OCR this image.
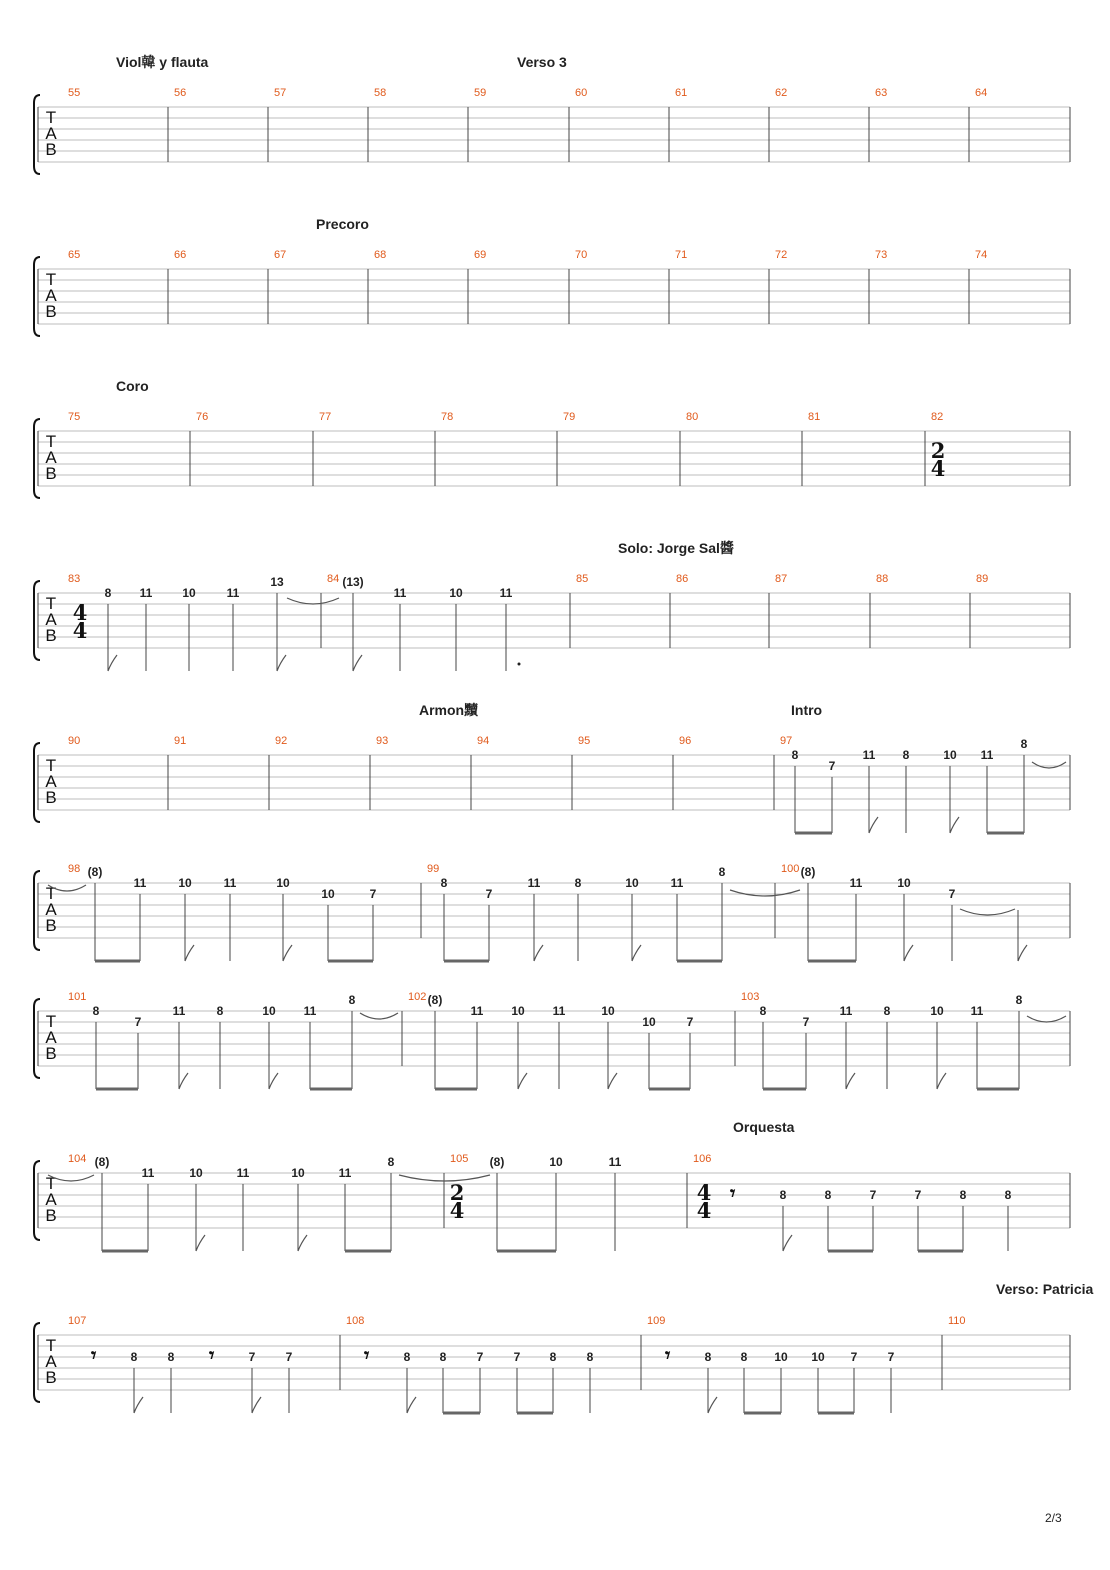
T
A
B
T
A
B
T
A
B
T
A
B
T
A
B
T
A
B
T
A
B
T
A
B
T
A
B
2
4
4
4
2
4
4
4
8 11 10	11
13	(13)
11	10	11
8
7
11 8	10 11
8
(8)
11	10	11	10
10	7
8
7
11	8	10	11
8	(8)
11	10
7
8
7
11	8	10 11
8	(8)
11 10 11	10
10	7
8
7
11	8	10 11
8
(8)
11	10	11	10	11
8	(8)	10	11
𝄾	8	8	7	7	8	8
𝄾	𝄾
8	8	7	7	𝄾	8 8	7	7 8	8	𝄾	8 8 10 10 7	7
55	56	57	58	59	60	61	62	63	64
65	66	67	68	69	70	71	72	73	74
75	76	77	78	79	80	81	82
83	84	85	86	87	88	89
90	91	92	93	94	95	96	97
98	99	100
101	102	103
104	105	106
107	108	109	110
Viol韓 y flauta	Verso 3
Precoro
Coro
Solo: Jorge Sal醬
Armon黷	Intro
Orquesta
Verso: Patricia
2/3
